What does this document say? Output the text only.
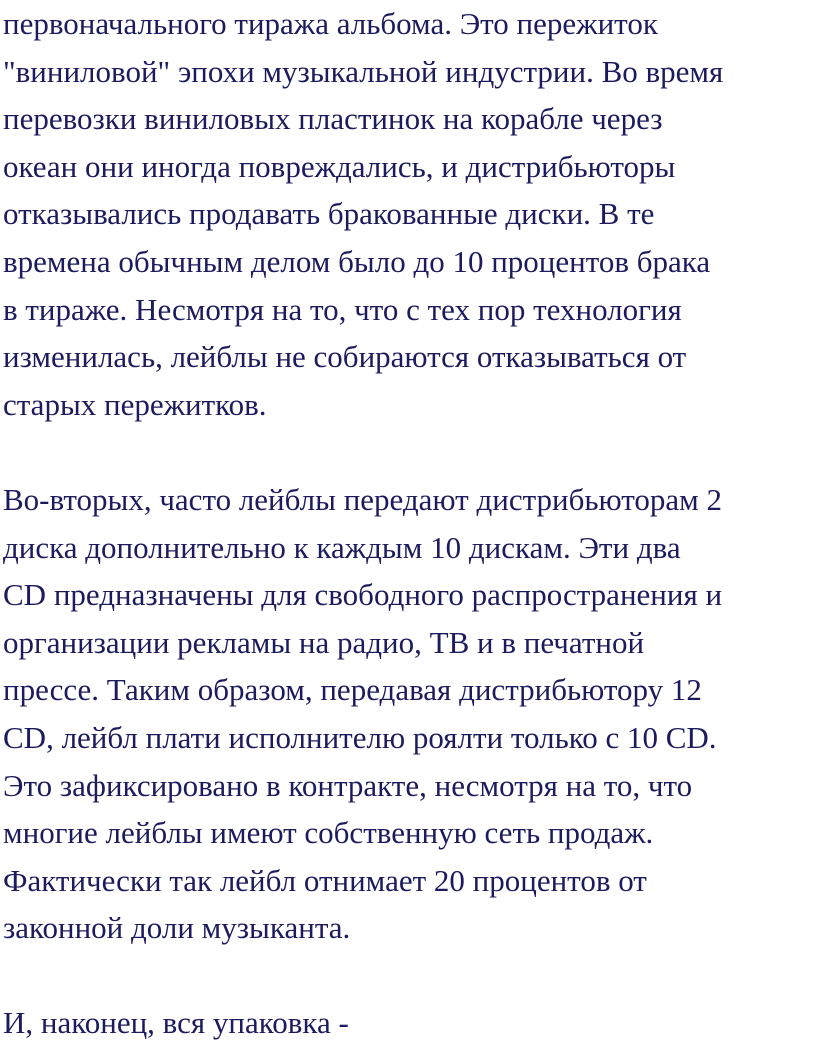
первоначального тиража альбома. Это пережиток
"виниловой" эпохи музыкальной индустрии. Во время
перевозки виниловых пластинок на корабле через
океан они иногда повреждались, и дистрибьюторы
отказывались продавать бракованные диски. В те
времена обычным делом было до 10 процентов брака
в тираже. Несмотря на то, что с тех пор технология
изменилась, лейблы не собираются отказываться от
старых пережитков.
Во-вторых, часто лейблы передают дистрибьюторам 2
диска дополнительно к каждым 10 дискам. Эти два
CD предназначены для свободного распространения и
организации рекламы на радио, ТВ и в печатной
прессе. Таким образом, передавая дистрибьютору 12
CD, лейбл плати исполнителю роялти только с 10 CD.
Это зафиксировано в контракте, несмотря на то, что
многие лейблы имеют собственную сеть продаж.
Фактически так лейбл отнимает 20 процентов от
законной доли музыканта.
И, наконец, вся упаковка -
